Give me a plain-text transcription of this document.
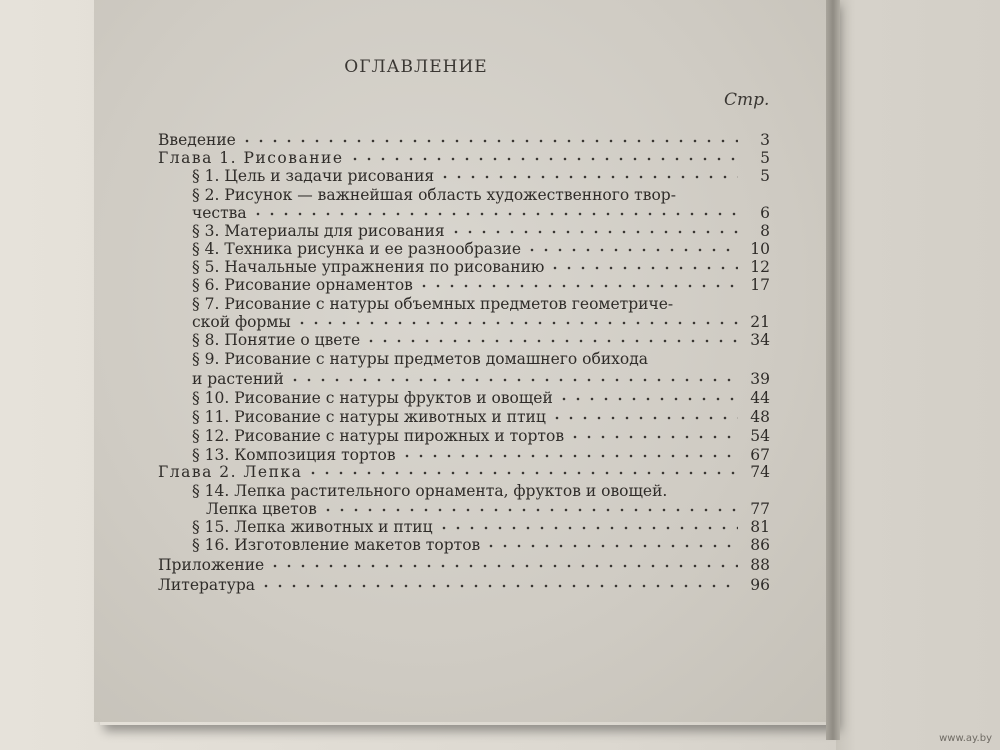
ОГЛАВЛЕНИЕ
Стр.
Введение	3
Глава 1. Рисование	5
§ 1. Цель и задачи рисования	5
§ 2. Рисунок — важнейшая область художественного твор-
чества	6
§ 3. Материалы для рисования	8
§ 4. Техника рисунка и ее разнообразие	10
§ 5. Начальные упражнения по рисованию	12
§ 6. Рисование орнаментов	17
§ 7. Рисование с натуры объемных предметов геометриче-
ской формы	21
§ 8. Понятие о цвете	34
§ 9. Рисование с натуры предметов домашнего обихода
и растений	39
§ 10. Рисование с натуры фруктов и овощей	44
§ 11. Рисование с натуры животных и птиц	48
§ 12. Рисование с натуры пирожных и тортов	54
§ 13. Композиция тортов	67
Глава 2. Лепка	74
§ 14. Лепка растительного орнамента, фруктов и овощей.
Лепка цветов	77
§ 15. Лепка животных и птиц	81
§ 16. Изготовление макетов тортов	86
Приложение	88
Литература	96
www.ay.by
